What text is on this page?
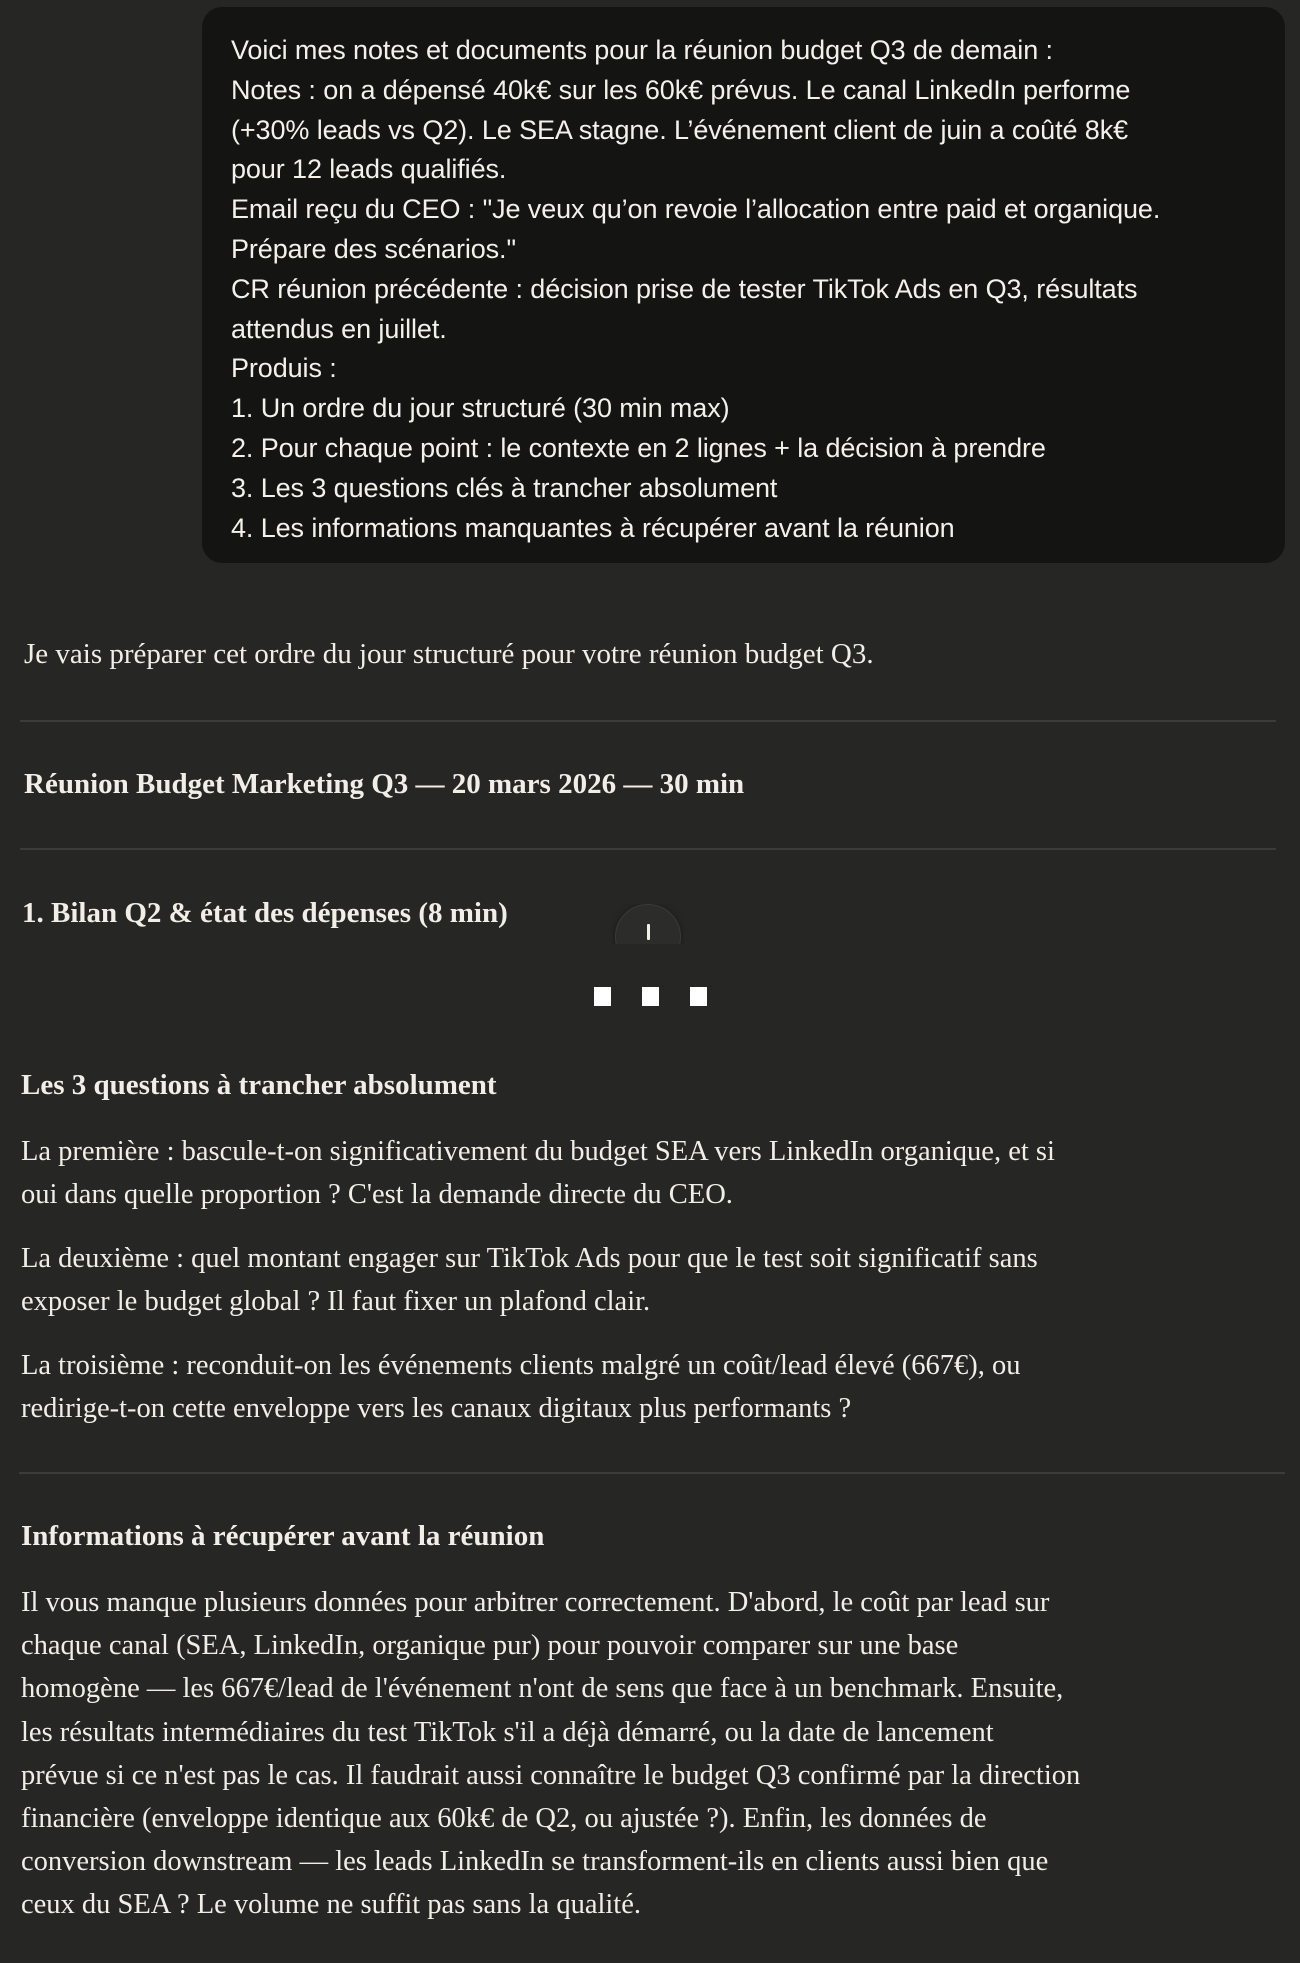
Voici mes notes et documents pour la réunion budget Q3 de demain :
Notes : on a dépensé 40k€ sur les 60k€ prévus. Le canal LinkedIn performe
(+30% leads vs Q2). Le SEA stagne. L’événement client de juin a coûté 8k€
pour 12 leads qualifiés.
Email reçu du CEO : "Je veux qu’on revoie l’allocation entre paid et organique.
Prépare des scénarios."
CR réunion précédente : décision prise de tester TikTok Ads en Q3, résultats
attendus en juillet.
Produis :
1. Un ordre du jour structuré (30 min max)
2. Pour chaque point : le contexte en 2 lignes + la décision à prendre
3. Les 3 questions clés à trancher absolument
4. Les informations manquantes à récupérer avant la réunion
Je vais préparer cet ordre du jour structuré pour votre réunion budget Q3.
Réunion Budget Marketing Q3 — 20 mars 2026 — 30 min
1. Bilan Q2 & état des dépenses (8 min)
Les 3 questions à trancher absolument
La première : bascule-t-on significativement du budget SEA vers LinkedIn organique, et si
oui dans quelle proportion ? C'est la demande directe du CEO.
La deuxième : quel montant engager sur TikTok Ads pour que le test soit significatif sans
exposer le budget global ? Il faut fixer un plafond clair.
La troisième : reconduit-on les événements clients malgré un coût/lead élevé (667€), ou
redirige-t-on cette enveloppe vers les canaux digitaux plus performants ?
Informations à récupérer avant la réunion
Il vous manque plusieurs données pour arbitrer correctement. D'abord, le coût par lead sur
chaque canal (SEA, LinkedIn, organique pur) pour pouvoir comparer sur une base
homogène — les 667€/lead de l'événement n'ont de sens que face à un benchmark. Ensuite,
les résultats intermédiaires du test TikTok s'il a déjà démarré, ou la date de lancement
prévue si ce n'est pas le cas. Il faudrait aussi connaître le budget Q3 confirmé par la direction
financière (enveloppe identique aux 60k€ de Q2, ou ajustée ?). Enfin, les données de
conversion downstream — les leads LinkedIn se transforment-ils en clients aussi bien que
ceux du SEA ? Le volume ne suffit pas sans la qualité.
